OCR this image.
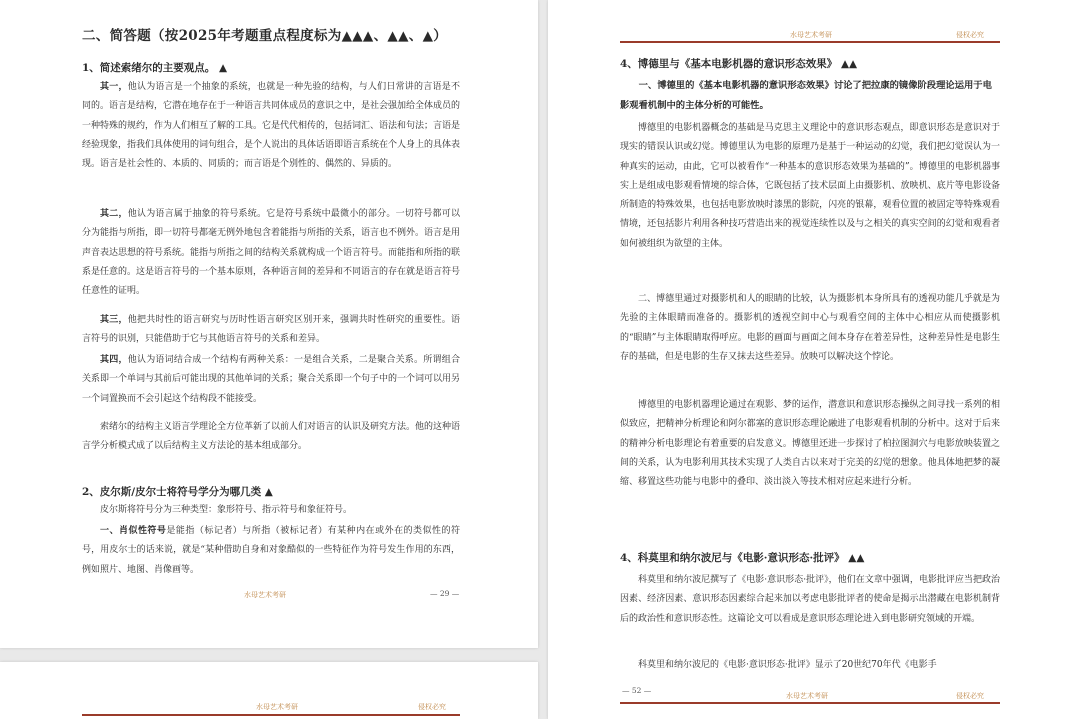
二、简答题（按2025年考题重点程度标为▲▲▲、▲▲、▲）
1、简述索绪尔的主要观点。 ▲

其一，他认为语言是一个抽象的系统，也就是一种先验的结构，与人们日常讲的言语是不同的。语言是结构，它潜在地存在于一种语言共同体成员的意识之中，是社会强加给全体成员的一种特殊的规约，作为人们相互了解的工具。它是代代相传的，包括词汇、语法和句法；言语是经验现象，指我们具体使用的词句组合，是个人说出的具体话语即语言系统在个人身上的具体表现。语言是社会性的、本质的、同质的；而言语是个别性的、偶然的、异质的。

其二，他认为语言属于抽象的符号系统。它是符号系统中最微小的部分。一切符号都可以分为能指与所指，即一切符号都毫无例外地包含着能指与所指的关系，语言也不例外。语言是用声音表达思想的符号系统。能指与所指之间的结构关系就构成一个语言符号。而能指和所指的联系是任意的。这是语言符号的一个基本原则，各种语言间的差异和不同语言的存在就是语言符号任意性的证明。

其三，他把共时性的语言研究与历时性语言研究区别开来，强调共时性研究的重要性。语言符号的识别，只能借助于它与其他语言符号的关系和差异。

其四，他认为语词结合成一个结构有两种关系：一是组合关系，二是聚合关系。所谓组合关系即一个单词与其前后可能出现的其他单词的关系；聚合关系即一个句子中的一个词可以用另一个词置换而不会引起这个结构段不能接受。

索绪尔的结构主义语言学理论全方位革新了以前人们对语言的认识及研究方法。他的这种语言学分析模式成了以后结构主义方法论的基本组成部分。

2、皮尔斯/皮尔士将符号学分为哪几类 ▲

皮尔斯将符号分为三种类型：象形符号、指示符号和象征符号。

一、肖似性符号是能指（标记者）与所指（被标记者）有某种内在或外在的类似性的符号，用皮尔士的话来说，就是“某种借助自身和对象酷似的一些特征作为符号发生作用的东西，例如照片、地图、肖像画等。

水母艺术考研	— 29 —
水母艺术考研	侵权必究
水母艺术考研	侵权必究
4、博德里与《基本电影机器的意识形态效果》 ▲▲

一、博德里的《基本电影机器的意识形态效果》讨论了把拉康的镜像阶段理论运用于电影观看机制中的主体分析的可能性。

博德里的电影机器概念的基础是马克思主义理论中的意识形态观点，即意识形态是意识对于现实的错误认识或幻觉。博德里认为电影的原理乃是基于一种运动的幻觉，我们把幻觉误认为一种真实的运动，由此，它可以被看作“一种基本的意识形态效果为基础的”。博德里的电影机器事实上是组成电影观看情境的综合体，它既包括了技术层面上由摄影机、放映机、底片等电影设备所制造的特殊效果，也包括电影放映时漆黑的影院，闪亮的银幕，观看位置的被固定等特殊观看情境，还包括影片利用各种技巧营造出来的视觉连续性以及与之相关的真实空间的幻觉和观看者如何被组织为欲望的主体。

二、博德里通过对摄影机和人的眼睛的比较，认为摄影机本身所具有的透视功能几乎就是为先验的主体眼睛而准备的。摄影机的透视空间中心与观看空间的主体中心相应从而使摄影机的“眼睛”与主体眼睛取得呼应。电影的画面与画面之间本身存在着差异性，这种差异性是电影生存的基础，但是电影的生存又抹去这些差异。放映可以解决这个悖论。

博德里的电影机器理论通过在观影、梦的运作，潜意识和意识形态操纵之间寻找一系列的相似致应，把精神分析理论和阿尔都塞的意识形态理论融进了电影观看机制的分析中。这对于后来的精神分析电影理论有着重要的启发意义。博德里还进一步探讨了柏拉图洞穴与电影放映装置之间的关系，认为电影利用其技术实现了人类自古以来对于完美的幻觉的想象。他具体地把梦的凝缩、移置这些功能与电影中的叠印、淡出淡入等技术相对应起来进行分析。

4、科莫里和纳尔波尼与《电影·意识形态·批评》 ▲▲

科莫里和纳尔波尼撰写了《电影·意识形态·批评》，他们在文章中强调，电影批评应当把政治因素、经济因素、意识形态因素综合起来加以考虑电影批评者的使命是揭示出潜藏在电影机制背后的政治性和意识形态性。这篇论文可以看成是意识形态理论进入到电影研究领域的开端。

科莫里和纳尔波尼的《电影·意识形态·批评》显示了20世纪70年代《电影手

— 52 —
水母艺术考研	侵权必究
